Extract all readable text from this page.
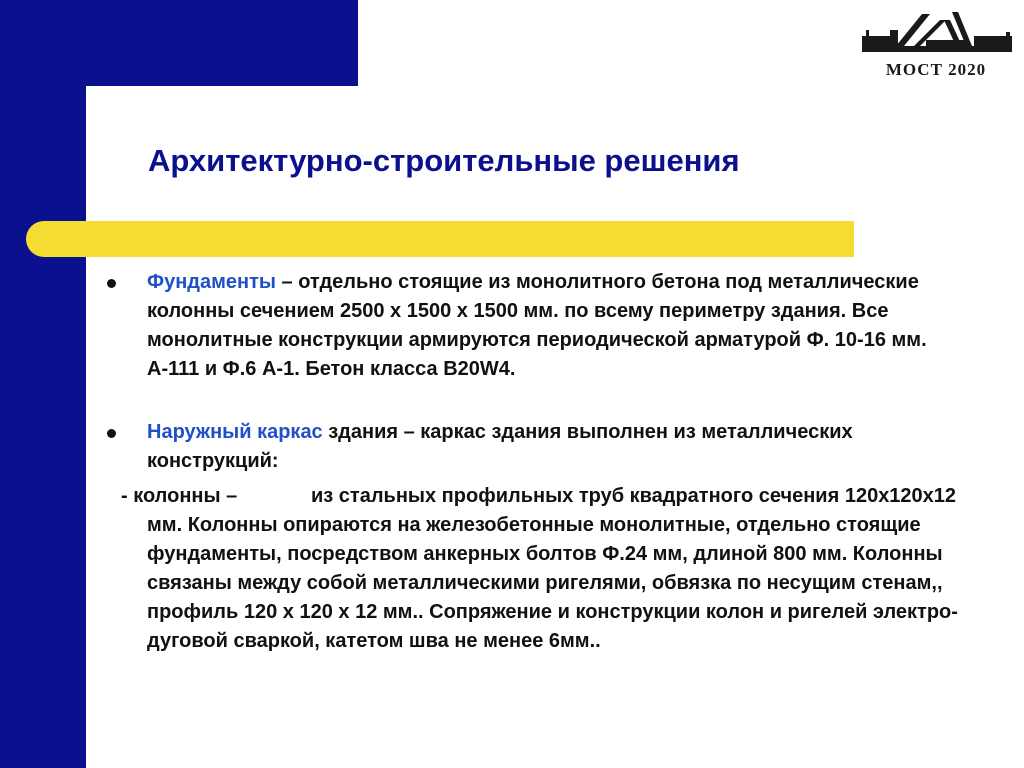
МОСТ 2020
Архитектурно-строительные решения
Фундаменты – отдельно стоящие из монолитного бетона под металлические колонны сечением 2500 х 1500 х 1500 мм. по всему периметру здания. Все монолитные конструкции армируются периодической арматурой Ф. 10-16 мм. А-111 и Ф.6 А-1. Бетон класса В20W4.
Наружный каркас здания – каркас здания выполнен из металлических конструкций:
- колонны –	из стальных профильных труб квадратного сечения 120х120х12 мм. Колонны опираются на железобетонные монолитные, отдельно стоящие фундаменты, посредством анкерных болтов Ф.24 мм, длиной 800 мм. Колонны связаны между собой металлическими ригелями, обвязка по несущим стенам,, профиль 120 х 120 х 12 мм.. Сопряжение и конструкции колон и ригелей электро-дуговой сваркой, катетом шва не менее 6мм..
